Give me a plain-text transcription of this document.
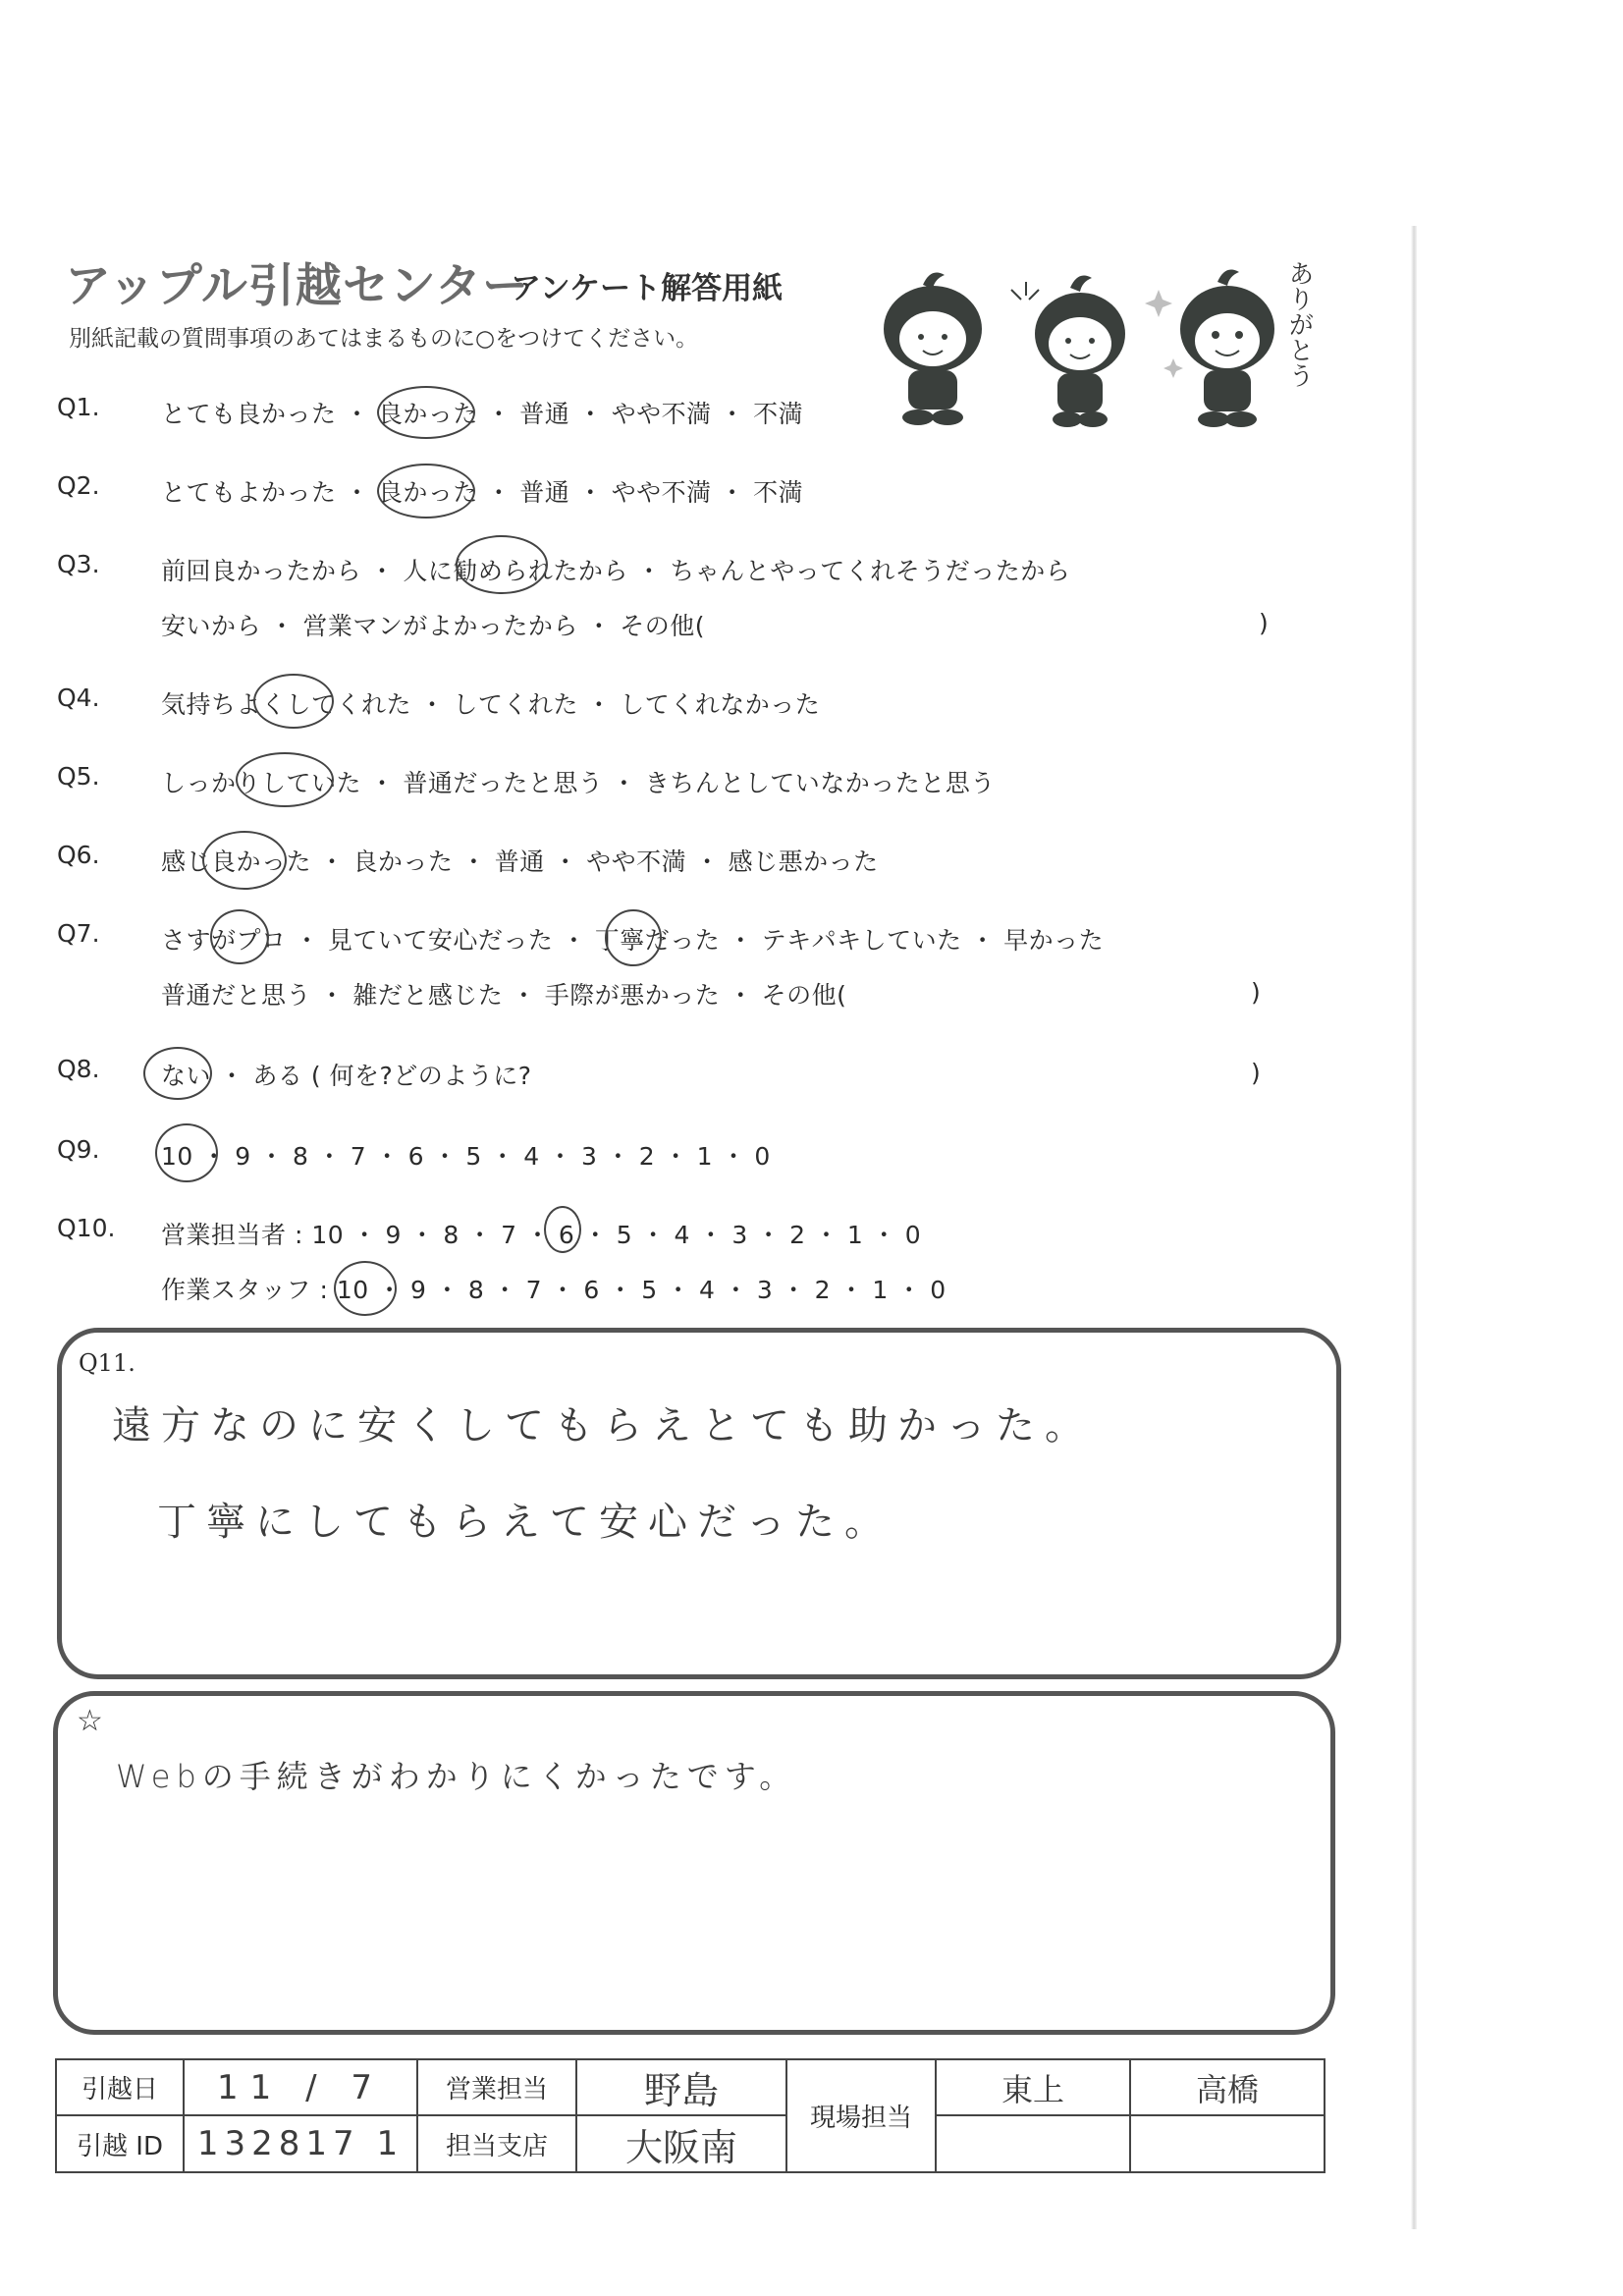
アップル引越センター
アンケート解答用紙
別紙記載の質問事項のあてはまるものに○をつけてください。	ありがとう
Q1. とても良かった ・ 良かった ・ 普通 ・ やや不満 ・ 不満
Q2. とてもよかった ・ 良かった ・ 普通 ・ やや不満 ・ 不満
Q3. 前回良かったから ・ 人に勧められたから ・ ちゃんとやってくれそうだったから
安いから ・ 営業マンがよかったから ・ その他(	)
Q4. 気持ちよくしてくれた ・ してくれた ・ してくれなかった
Q5. しっかりしていた ・ 普通だったと思う ・ きちんとしていなかったと思う
Q6. 感じ良かった ・ 良かった ・ 普通 ・ やや不満 ・ 感じ悪かった
Q7. さすがプロ ・ 見ていて安心だった ・ 丁寧だった ・ テキパキしていた ・ 早かった
普通だと思う ・ 雑だと感じた ・ 手際が悪かった ・ その他(	)
Q8. ない ・ ある ( 何を?どのように?	)
Q9. 10 ・ 9 ・ 8 ・ 7 ・ 6 ・ 5 ・ 4 ・ 3 ・ 2 ・ 1 ・ 0
Q10. 営業担当者 : 10 ・ 9 ・ 8 ・ 7 ・ 6 ・ 5 ・ 4 ・ 3 ・ 2 ・ 1 ・ 0
作業スタッフ : 10 ・ 9 ・ 8 ・ 7 ・ 6 ・ 5 ・ 4 ・ 3 ・ 2 ・ 1 ・ 0
Q11.
遠方なのに安くしてもらえとても助かった。
丁寧にしてもらえて安心だった。
☆
Webの手続きがわかりにくかったです。
引越日	11 / 7	営業担当	野島	現場担当	東上	高橋
引越 ID	132817 1	担当支店	大阪南			
